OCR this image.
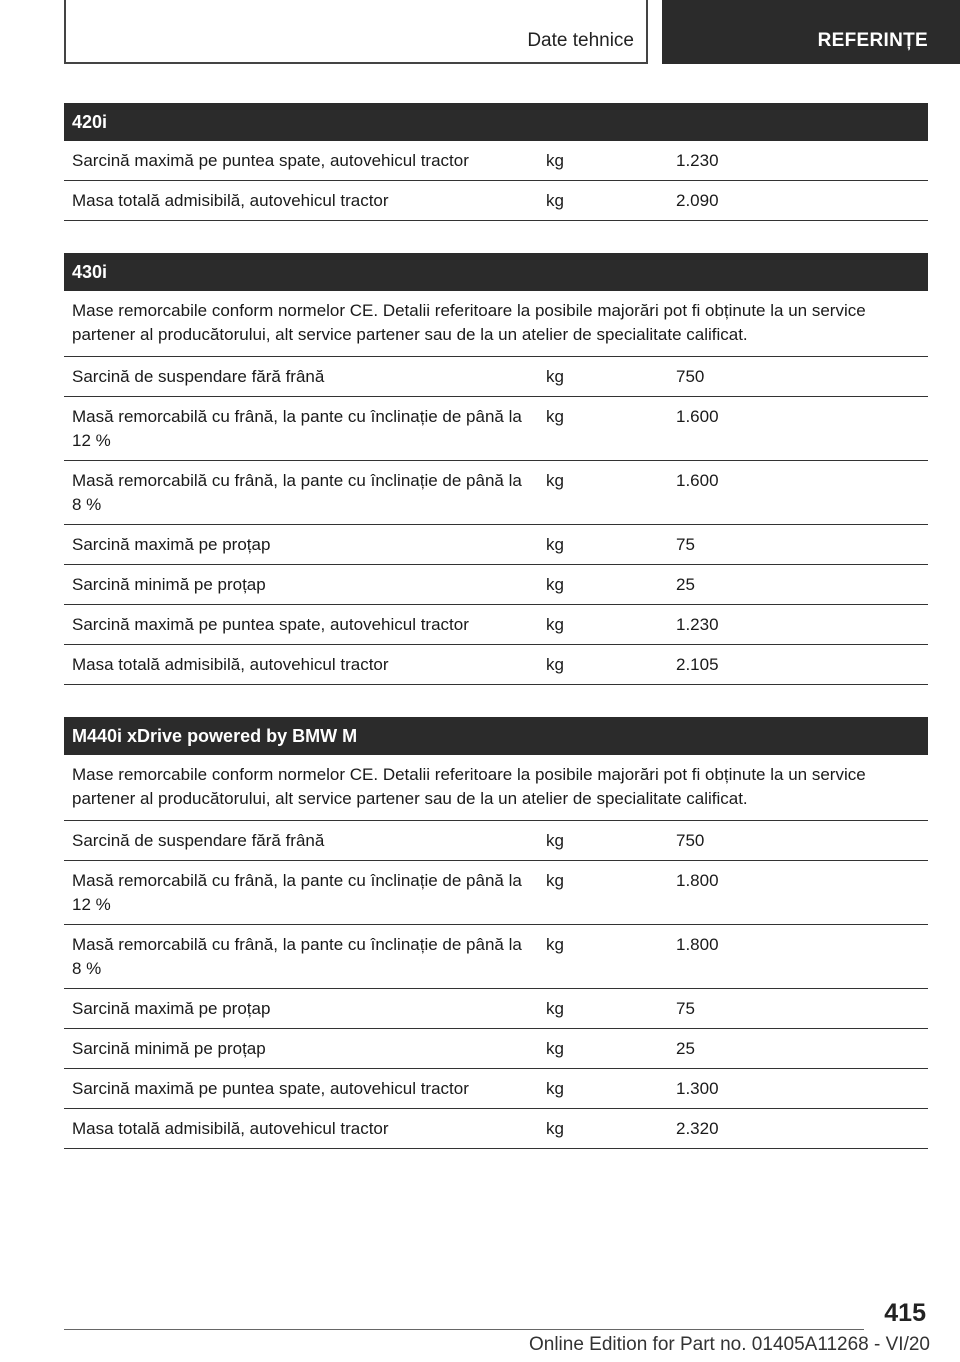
Date tehnice	REFERINȚE
420i
Sarcină maximă pe puntea spate, autovehicul tractor	kg	1.230
Masa totală admisibilă, autovehicul tractor	kg	2.090
430i
Mase remorcabile conform normelor CE. Detalii referitoare la posibile majorări pot fi obținute la un service partener al producătorului, alt service partener sau de la un atelier de specialitate calificat.
Sarcină de suspendare fără frână	kg	750
Masă remorcabilă cu frână, la pante cu înclinație de până la 12 %
kg	1.600
Masă remorcabilă cu frână, la pante cu înclinație de până la 8 %
kg	1.600
Sarcină maximă pe proțap	kg	75
Sarcină minimă pe proțap	kg	25
Sarcină maximă pe puntea spate, autovehicul tractor	kg	1.230
Masa totală admisibilă, autovehicul tractor	kg	2.105
M440i xDrive powered by BMW M
Mase remorcabile conform normelor CE. Detalii referitoare la posibile majorări pot fi obținute la un service partener al producătorului, alt service partener sau de la un atelier de specialitate calificat.
Sarcină de suspendare fără frână	kg	750
Masă remorcabilă cu frână, la pante cu înclinație de până la 12 %
kg	1.800
Masă remorcabilă cu frână, la pante cu înclinație de până la 8 %
kg	1.800
Sarcină maximă pe proțap	kg	75
Sarcină minimă pe proțap	kg	25
Sarcină maximă pe puntea spate, autovehicul tractor	kg	1.300
Masa totală admisibilă, autovehicul tractor	kg	2.320
415
Online Edition for Part no. 01405A11268 - VI/20
